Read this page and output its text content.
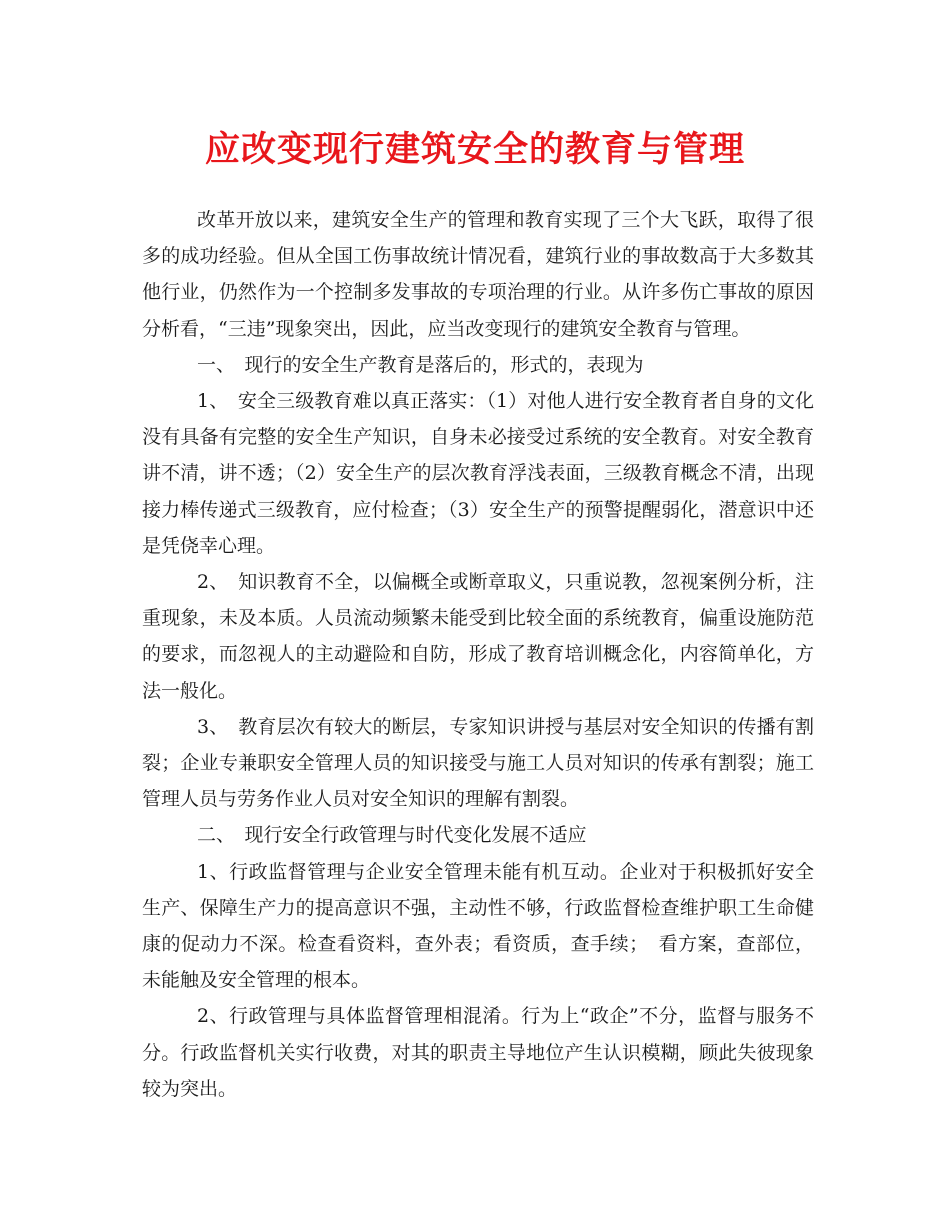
应改变现行建筑安全的教育与管理

改革开放以来，建筑安全生产的管理和教育实现了三个大飞跃，取得了很多的成功经验。但从全国工伤事故统计情况看，建筑行业的事故数高于大多数其他行业，仍然作为一个控制多发事故的专项治理的行业。从许多伤亡事故的原因分析看，“三违”现象突出，因此，应当改变现行的建筑安全教育与管理。

一、　现行的安全生产教育是落后的，形式的，表现为

1、　安全三级教育难以真正落实：（1）对他人进行安全教育者自身的文化没有具备有完整的安全生产知识，自身未必接受过系统的安全教育。对安全教育讲不清，讲不透；（2）安全生产的层次教育浮浅表面，三级教育概念不清，出现接力棒传递式三级教育，应付检查；（3）安全生产的预警提醒弱化，潜意识中还是凭侥幸心理。

2、　知识教育不全，以偏概全或断章取义，只重说教，忽视案例分析，注重现象，未及本质。人员流动频繁未能受到比较全面的系统教育，偏重设施防范的要求，而忽视人的主动避险和自防，形成了教育培训概念化，内容简单化，方法一般化。

3、　教育层次有较大的断层，专家知识讲授与基层对安全知识的传播有割裂；企业专兼职安全管理人员的知识接受与施工人员对知识的传承有割裂；施工管理人员与劳务作业人员对安全知识的理解有割裂。

二、　现行安全行政管理与时代变化发展不适应

1、行政监督管理与企业安全管理未能有机互动。企业对于积极抓好安全生产、保障生产力的提高意识不强，主动性不够，行政监督检查维护职工生命健康的促动力不深。检查看资料，查外表；看资质，查手续；　看方案，查部位，未能触及安全管理的根本。

2、行政管理与具体监督管理相混淆。行为上“政企”不分，监督与服务不分。行政监督机关实行收费，对其的职责主导地位产生认识模糊，顾此失彼现象较为突出。
